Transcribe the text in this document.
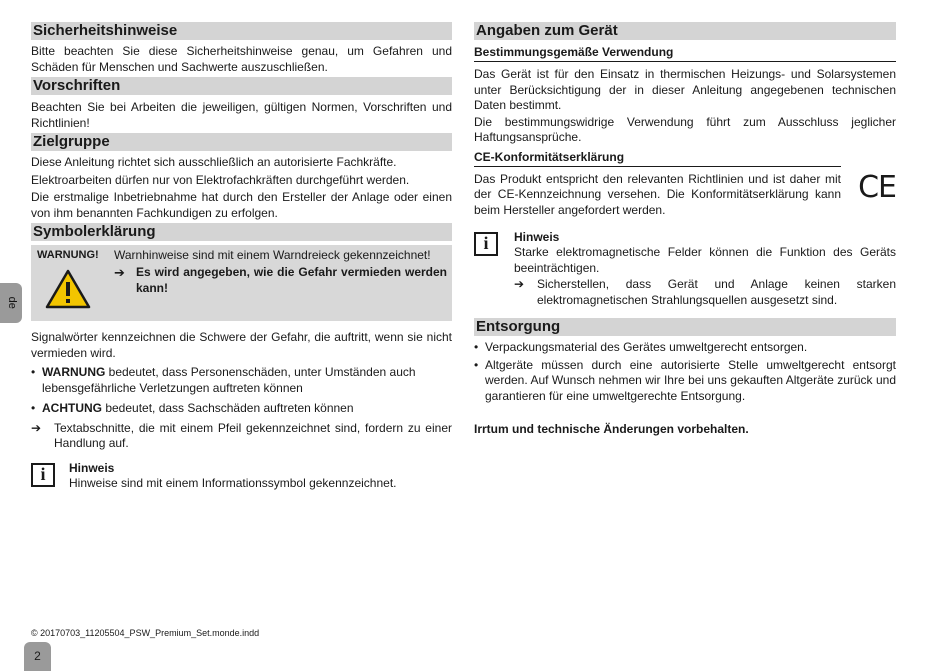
de
Sicherheitshinweise

Bitte beachten Sie diese Sicherheitshinweise genau, um Gefahren und Schäden für Menschen und Sachwerte auszuschließen.

Vorschriften

Beachten Sie bei Arbeiten die jeweiligen, gültigen Normen, Vorschriften und Richtlinien!

Zielgruppe

Diese Anleitung richtet sich ausschließlich an autorisierte Fachkräfte.

Elektroarbeiten dürfen nur von Elektrofachkräften durchgeführt werden.

Die erstmalige Inbetriebnahme hat durch den Ersteller der Anlage oder einen von ihm benannten Fachkundigen zu erfolgen.

Symbolerklärung
WARNUNG! Warnhinweise sind mit einem Warndreieck gekennzeichnet!
➔ Es wird angegeben, wie die Gefahr vermieden werden kann!

Signalwörter kennzeichnen die Schwere der Gefahr, die auftritt, wenn sie nicht vermieden wird.

• WARNUNG bedeutet, dass Personenschäden, unter Umständen auch lebensgefährliche Verletzungen auftreten können
• ACHTUNG bedeutet, dass Sachschäden auftreten können
➔ Textabschnitte, die mit einem Pfeil gekennzeichnet sind, fordern zu einer Handlung auf.

i	Hinweis
Hinweise sind mit einem Informationssymbol gekennzeichnet.
Angaben zum Gerät
Bestimmungsgemäße Verwendung

Das Gerät ist für den Einsatz in thermischen Heizungs- und Solarsystemen unter Berücksichtigung der in dieser Anleitung angegebenen technischen Daten bestimmt.

Die bestimmungswidrige Verwendung führt zum Ausschluss jeglicher Haftungsansprüche.

CE-Konformitätserklärung

Das Produkt entspricht den relevanten Richtlinien und ist daher mit der CE-Kennzeichnung versehen. Die Konformitätserklärung kann beim Hersteller angefordert werden.

CE
i	Hinweis

Starke elektromagnetische Felder können die Funktion des Geräts beeinträchtigen.

➔ Sicherstellen, dass Gerät und Anlage keinen starken elektromagnetischen Strahlungsquellen ausgesetzt sind.

Entsorgung
• Verpackungsmaterial des Gerätes umweltgerecht entsorgen.

• Altgeräte müssen durch eine autorisierte Stelle umweltgerecht entsorgt werden. Auf Wunsch nehmen wir Ihre bei uns gekauften Altgeräte zurück und garantieren für eine umweltgerechte Entsorgung.

Irrtum und technische Änderungen vorbehalten.

© 20170703_11205504_PSW_Premium_Set.monde.indd
2
